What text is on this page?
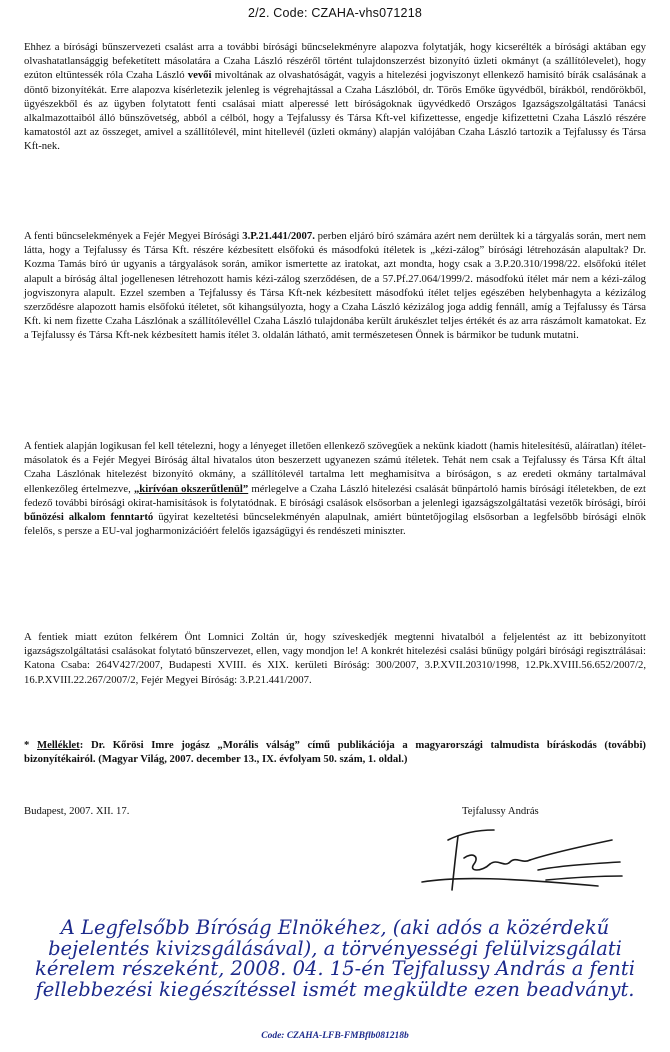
2/2. Code: CZAHA-vhs071218
Ehhez a bírósági bűnszervezeti csalást arra a további bírósági bűncselekményre alapozva folytatják, hogy kicserélték a bírósági aktában egy olvashatatlansággig befeketített másolatára a Czaha László részéről történt tulajdonszerzést bizonyító üzleti okmányt (a szállítólevelet), hogy ezúton eltüntessék róla Czaha László vevői mivoltának az olvashatóságát, vagyis a hitelezési jogviszonyt ellenkező hamisító bírák csalásának a döntő bizonyítékát. Erre alapozva kísérletezik jelenleg is végrehajtással a Czaha Lászlóból, dr. Törös Emőke ügyvédből, bírákból, rendőrökből, ügyészekből és az ügyben folytatott fenti csalásai miatt alperessé lett bíróságoknak ügyvédkedő Országos Igazságszolgáltatási Tanácsi alkalmazottaiból álló bűnszövetség, abból a célból, hogy a Tejfalussy és Társa Kft-vel kifizettesse, engedje kifizettetni Czaha László részére kamatostól azt az összeget, amivel a szállítólevél, mint hitellevél (üzleti okmány) alapján valójában Czaha László tartozik a Tejfalussy és Társa Kft-nek.
A fenti bűncselekmények a Fejér Megyei Bírósági 3.P.21.441/2007. perben eljáró bíró számára azért nem derültek ki a tárgyalás során, mert nem látta, hogy a Tejfalussy és Társa Kft. részére kézbesített elsőfokú és másodfokú ítéletek is „kézi-zálog” bírósági létrehozásán alapultak? Dr. Kozma Tamás bíró úr ugyanis a tárgyalások során, amikor ismertette az iratokat, azt mondta, hogy csak a 3.P.20.310/1998/22. elsőfokú ítélet alapult a bíróság által jogellenesen létrehozott hamis kézi-zálog szerződésen, de a 57.Pf.27.064/1999/2. másodfokú ítélet már nem a kézi-zálog jogviszonyra alapult. Ezzel szemben a Tejfalussy és Társa Kft-nek kézbesített másodfokú ítélet teljes egészében helybenhagyta a kézizálog szerződésre alapozott hamis elsőfokú ítéletet, sőt kihangsúlyozta, hogy a Czaha László kézizálog joga addig fennáll, amíg a Tejfalussy és Társa Kft. ki nem fizette Czaha Lászlónak a szállítólevéllel Czaha László tulajdonába került árukészlet teljes értékét és az arra rászámolt kamatokat. Ez a Tejfalussy és Társa Kft-nek kézbesített hamis ítélet 3. oldalán látható, amit természetesen Önnek is bármikor be tudunk mutatni.
A fentiek alapján logikusan fel kell tételezni, hogy a lényeget illetően ellenkező szövegűek a nekünk kiadott (hamis hitelesítésű, aláíratlan) ítélet-másolatok és a Fejér Megyei Bíróság által hivatalos úton beszerzett ugyanezen számú ítéletek. Tehát nem csak a Tejfalussy és Társa Kft által Czaha Lászlónak hitelezést bizonyító okmány, a szállítólevél tartalma lett meghamisítva a bíróságon, s az eredeti okmány tartalmával ellenkezőleg értelmezve, „kirívóan okszerűtlenül” mérlegelve a Czaha László hitelezési csalását bűnpártoló hamis bírósági ítéletekben, de ezt fedező további bírósági okirat-hamisítások is folytatódnak. E bírósági csalások elsősorban a jelenlegi igazságszolgáltatási vezetők bírósági, bírói bűnözési alkalom fenntartó ügyirat kezeltetési bűncselekményén alapulnak, amiért büntetőjogilag elsősorban a legfelsőbb bírósági elnök felelős, s persze a EU-val jogharmonizációért felelős igazságügyi és rendészeti miniszter.
A fentiek miatt ezúton felkérem Önt Lomnici Zoltán úr, hogy szíveskedjék megtenni hivatalból a feljelentést az itt bebizonyított igazságszolgáltatási csalásokat folytató bűnszervezet, ellen, vagy mondjon le! A konkrét hitelezési csalási bűnügy polgári bírósági regisztrálásai: Katona Csaba: 264V427/2007, Budapesti XVIII. és XIX. kerületi Bíróság: 300/2007, 3.P.XVII.20310/1998, 12.Pk.XVIII.56.652/2007/2, 16.P.XVIII.22.267/2007/2, Fejér Megyei Bíróság: 3.P.21.441/2007.
* Melléklet: Dr. Kőrösi Imre jogász „Morális válság” című publikációja a magyarországi talmudista bíráskodás (további) bizonyítékairól. (Magyar Világ, 2007. december 13., IX. évfolyam 50. szám, 1. oldal.)
Budapest, 2007. XII. 17.	Tejfalussy András
A Legfelsőbb Bíróság Elnökéhez, (aki adós a közérdekű bejelentés kivizsgálásával), a törvényességi felülvizsgálati kérelem részeként, 2008. 04. 15-én Tejfalussy András a fenti fellebbezési kiegészítéssel ismét megküldte ezen beadványt.
Code: CZAHA-LFB-FMBflb081218b
